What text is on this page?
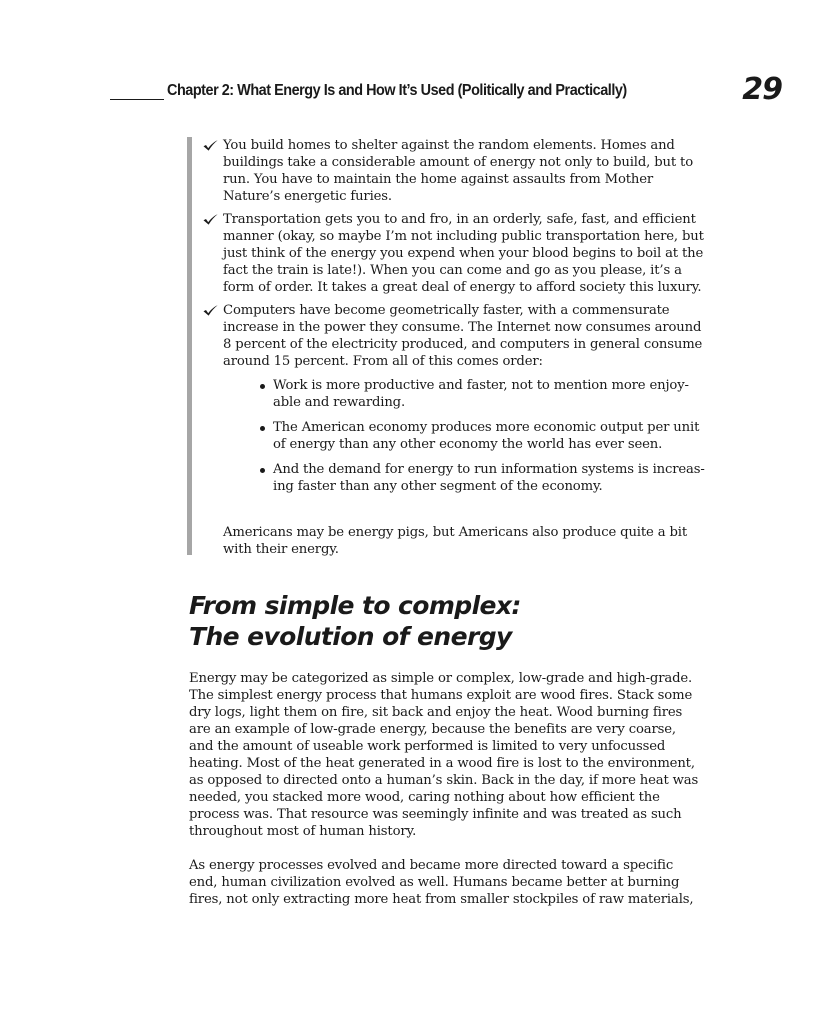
Chapter 2: What Energy Is and How It’s Used (Politically and Practically)	29
You build homes to shelter against the random elements. Homes and buildings take a considerable amount of energy not only to build, but to run. You have to maintain the home against assaults from Mother Nature’s energetic furies.
Transportation gets you to and fro, in an orderly, safe, fast, and efficient manner (okay, so maybe I’m not including public transportation here, but just think of the energy you expend when your blood begins to boil at the fact the train is late!). When you can come and go as you please, it’s a form of order. It takes a great deal of energy to afford society this luxury.
Computers have become geometrically faster, with a commensurate increase in the power they consume. The Internet now consumes around 8 percent of the electricity produced, and computers in general consume around 15 percent. From all of this comes order:
Work is more productive and faster, not to mention more enjoy-able and rewarding.
The American economy produces more economic output per unit of energy than any other economy the world has ever seen.
And the demand for energy to run information systems is increas-ing faster than any other segment of the economy.

Americans may be energy pigs, but Americans also produce quite a bit with their energy.

From simple to complex:
The evolution of energy

Energy may be categorized as simple or complex, low-grade and high-grade. The simplest energy process that humans exploit are wood fires. Stack some dry logs, light them on fire, sit back and enjoy the heat. Wood burning fires are an example of low-grade energy, because the benefits are very coarse, and the amount of useable work performed is limited to very unfocussed heating. Most of the heat generated in a wood fire is lost to the environment, as opposed to directed onto a human’s skin. Back in the day, if more heat was needed, you stacked more wood, caring nothing about how efficient the process was. That resource was seemingly infinite and was treated as such throughout most of human history.

As energy processes evolved and became more directed toward a specific end, human civilization evolved as well. Humans became better at burning fires, not only extracting more heat from smaller stockpiles of raw materials,
